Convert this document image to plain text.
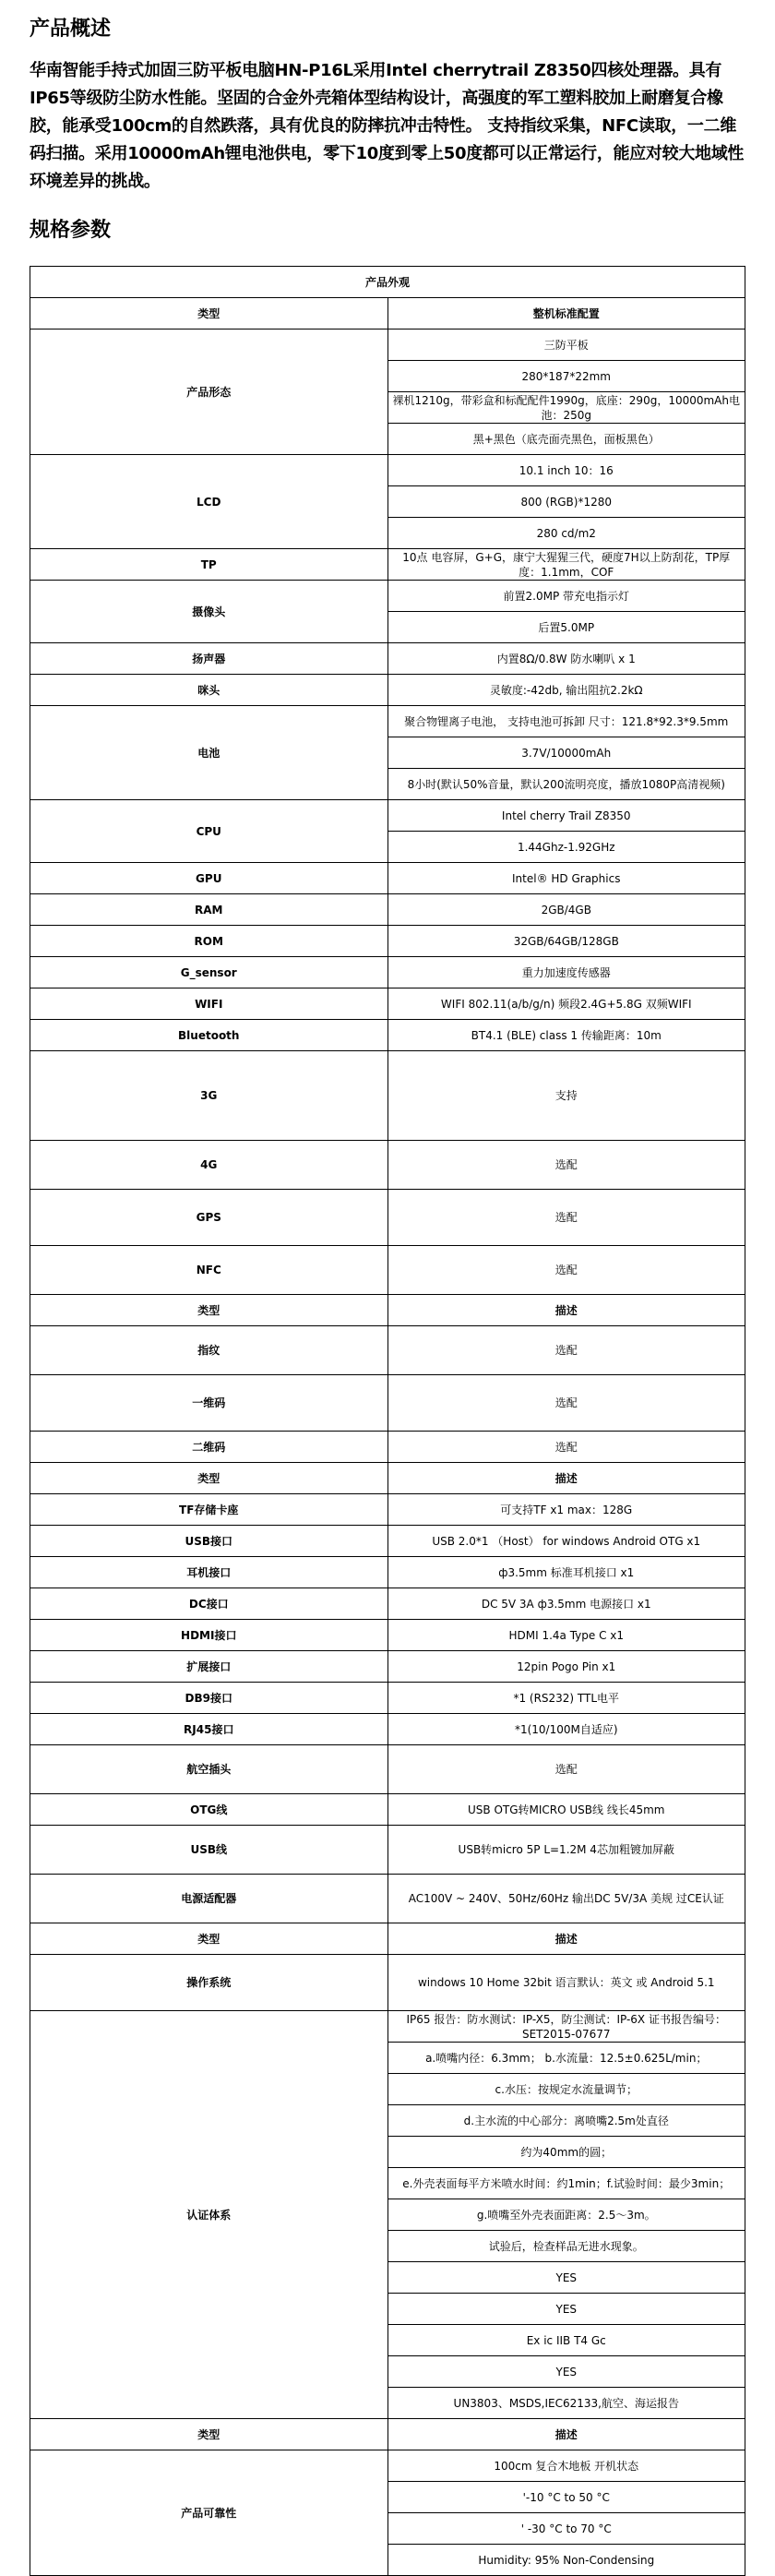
产品概述

华南智能手持式加固三防平板电脑HN-P16L采用Intel cherrytrail Z8350四核处理器。具有IP65等级防尘防水性能。坚固的合金外壳箱体型结构设计，高强度的军工塑料胶加上耐磨复合橡胶，能承受100cm的自然跌落，具有优良的防摔抗冲击特性。 支持指纹采集，NFC读取，一二维码扫描。采用10000mAh锂电池供电，零下10度到零上50度都可以正常运行，能应对较大地域性环境差异的挑战。

规格参数
产品外观	
类型	整机标准配置
产品形态	三防平板
	280*187*22mm
	裸机1210g，带彩盒和标配配件1990g，底座：290g，10000mAh电池：250g
	黑+黑色（底壳面壳黑色，面板黑色）
LCD	10.1 inch 10：16
	800 (RGB)*1280
	280 cd/m2
TP	10点 电容屏，G+G，康宁大猩猩三代，硬度7H以上防刮花，TP厚度：1.1mm，COF
摄像头	前置2.0MP 带充电指示灯
	后置5.0MP
扬声器	内置8Ω/0.8W 防水喇叭 x 1
咪头	灵敏度:-42db, 输出阻抗2.2kΩ
电池	聚合物锂离子电池， 支持电池可拆卸 尺寸：121.8*92.3*9.5mm
	3.7V/10000mAh
	8小时(默认50%音量，默认200流明亮度，播放1080P高清视频)
CPU	Intel cherry Trail Z8350
	1.44Ghz-1.92GHz
GPU	Intel® HD Graphics
RAM	2GB/4GB
ROM	32GB/64GB/128GB
G_sensor	重力加速度传感器
WIFI	WIFI 802.11(a/b/g/n) 频段2.4G+5.8G 双频WIFI
Bluetooth	BT4.1 (BLE) class 1 传输距离：10m
3G	支持
4G	选配
GPS	选配
NFC	选配
类型	描述
指纹	选配
一维码	选配
二维码	选配
类型	描述
TF存储卡座	可支持TF x1 max：128G
USB接口	USB 2.0*1 （Host） for windows Android OTG x1
耳机接口	ф3.5mm 标准耳机接口 x1
DC接口	DC 5V 3A ф3.5mm 电源接口 x1
HDMI接口	HDMI 1.4a Type C x1
扩展接口	12pin Pogo Pin x1
DB9接口	*1 (RS232) TTL电平
RJ45接口	*1(10/100M自适应)
航空插头	选配
OTG线	USB OTG转MICRO USB线 线长45mm
USB线	USB转micro 5P L=1.2M 4芯加粗镀加屏蔽
电源适配器	AC100V ~ 240V、50Hz/60Hz 输出DC 5V/3A 美规 过CE认证
类型	描述
操作系统	windows 10 Home 32bit 语言默认：英文 或 Android 5.1
认证体系	IP65 报告：防水测试：IP-X5，防尘测试：IP-6X 证书报告编号：SET2015-07677
	a.喷嘴内径：6.3mm； b.水流量：12.5±0.625L/min；
	c.水压：按规定水流量调节；
	d.主水流的中心部分：离喷嘴2.5m处直径
	约为40mm的圆；
	e.外壳表面每平方米喷水时间：约1min；f.试验时间：最少3min；
	g.喷嘴至外壳表面距离：2.5～3m。
	试验后，检查样品无进水现象。
	YES
	YES
	Ex ic IIB T4 Gc
	YES
	UN3803、MSDS,IEC62133,航空、海运报告
类型	描述
产品可靠性	100cm 复合木地板 开机状态
	'-10 °C to 50 °C
	' -30 °C to 70 °C
	Humidity: 95% Non-Condensing
